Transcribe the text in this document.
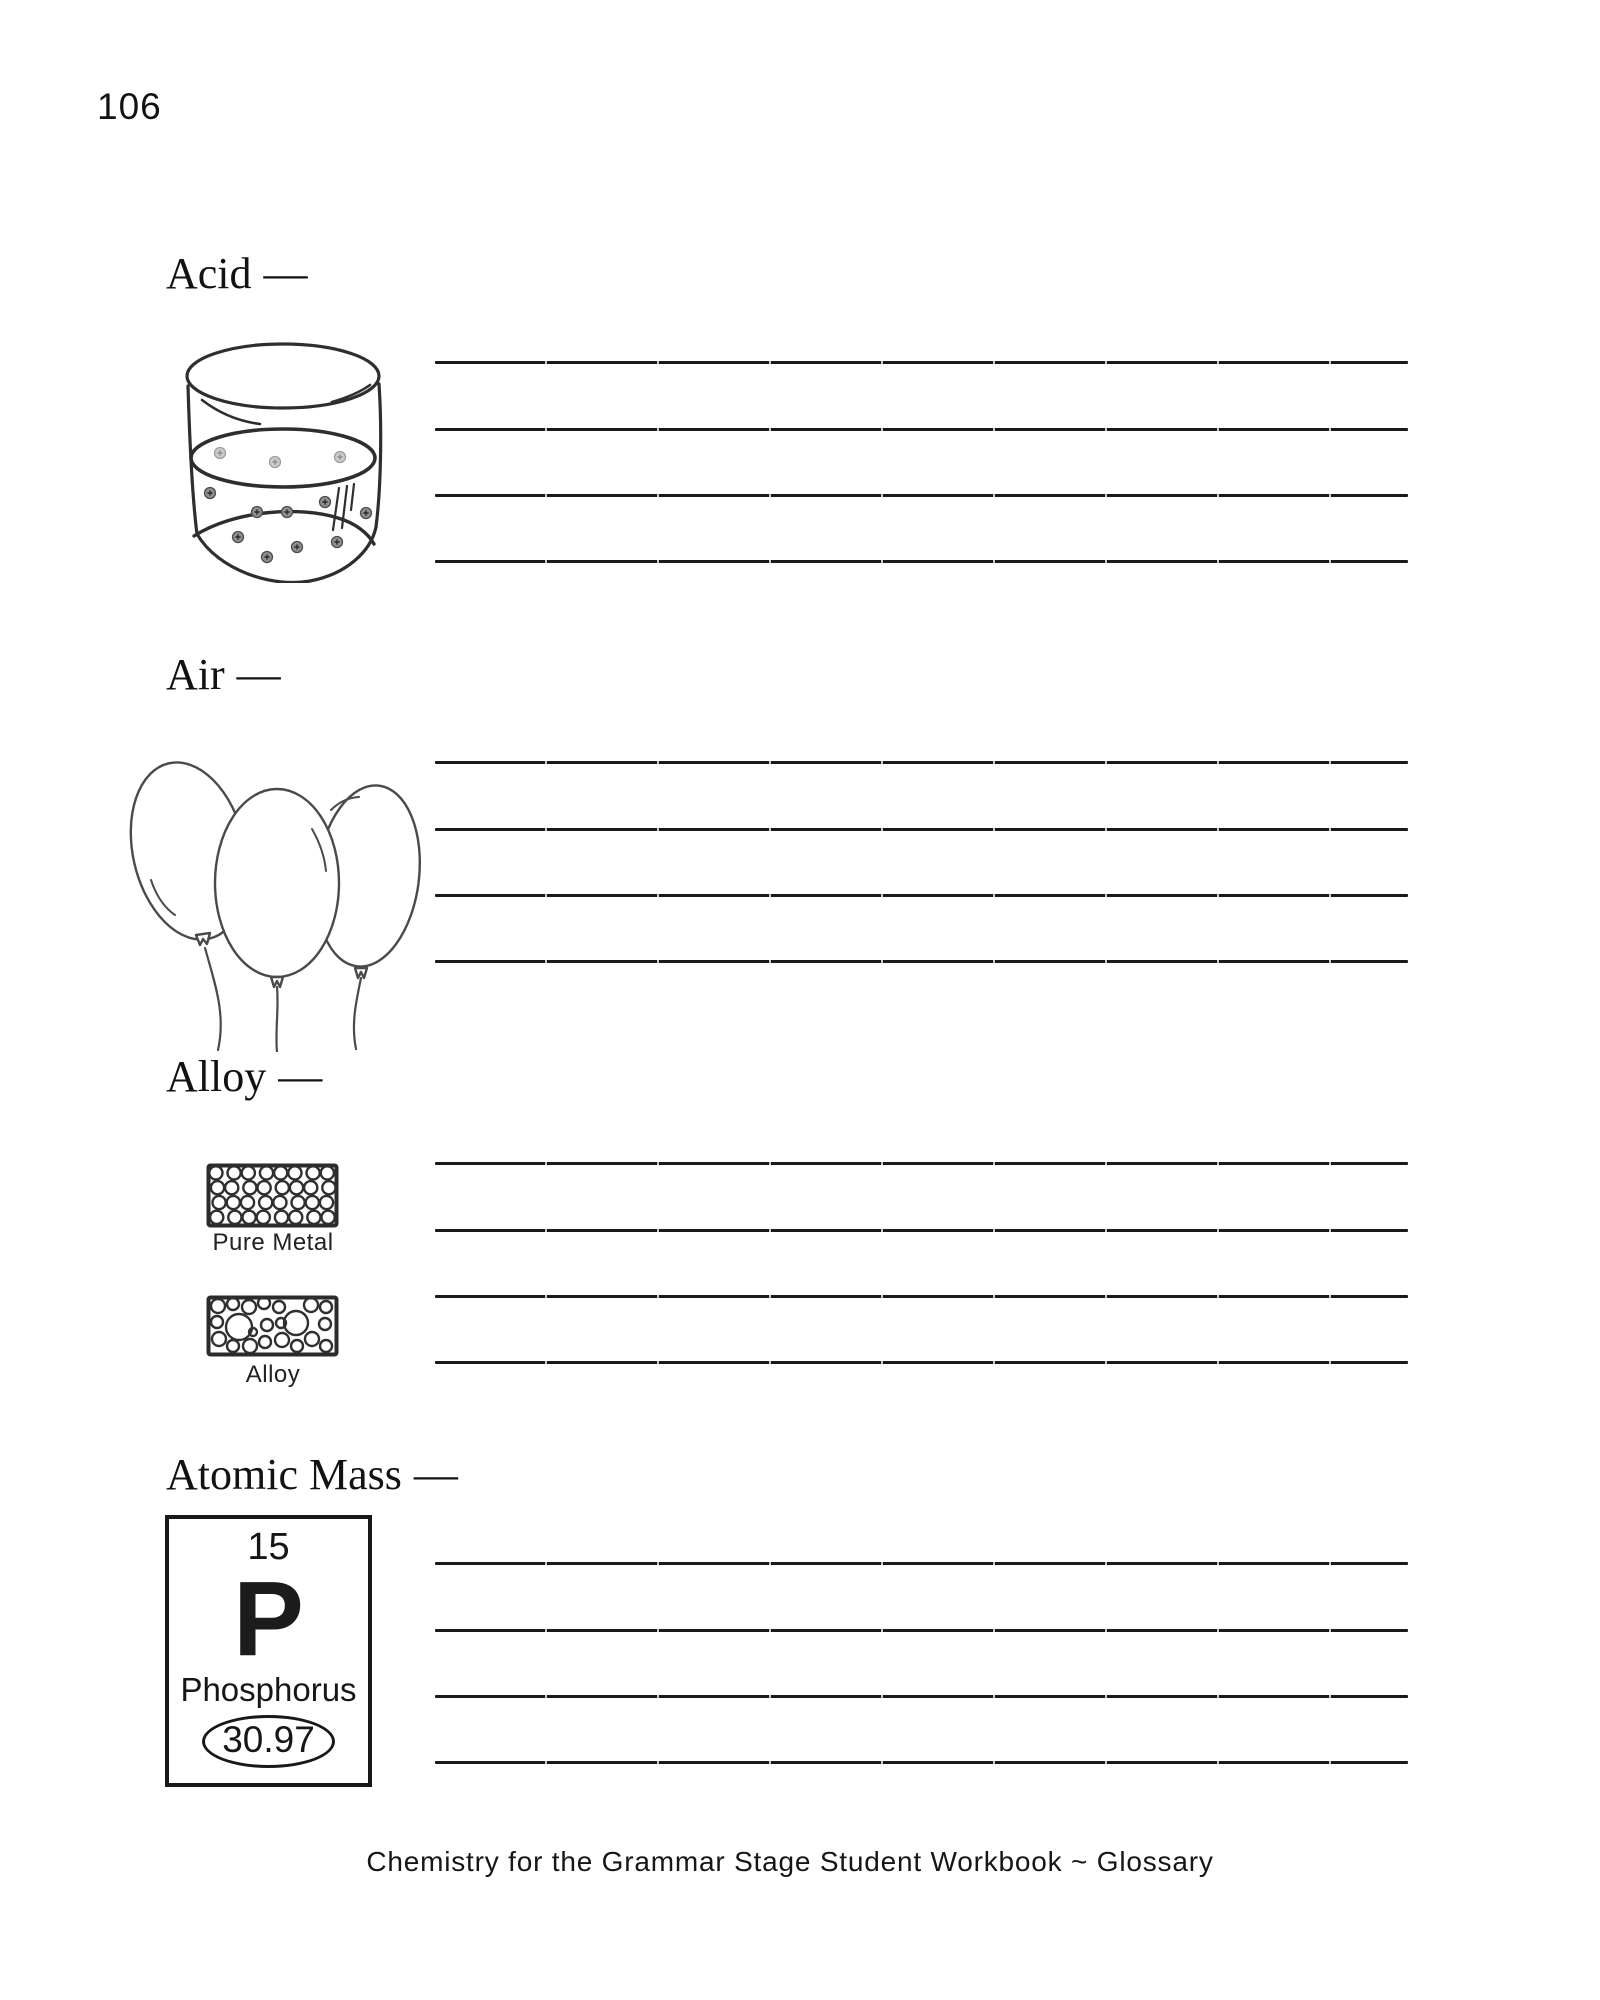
106
Acid —
Air —
Alloy —
Pure Metal
Alloy
Atomic Mass —
15
P
Phosphorus
30.97
Chemistry for the Grammar Stage Student Workbook ~ Glossary
